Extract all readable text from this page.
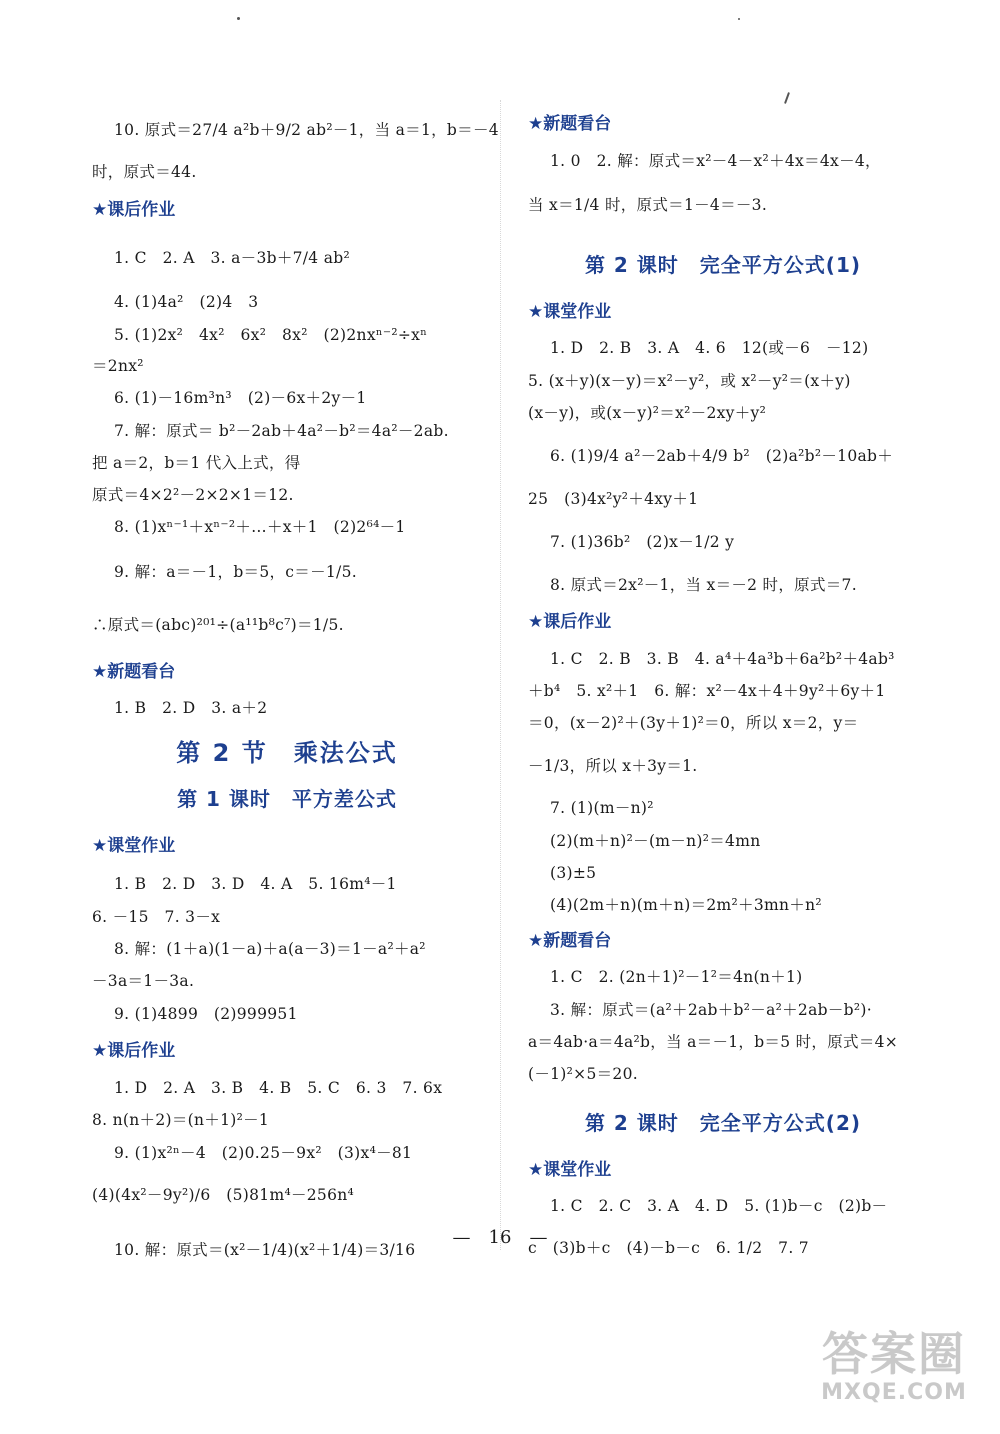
10. 原式＝27/4 a²b＋9/2 ab²－1，当 a＝1，b＝－4
时，原式＝44.
★课后作业
1. C　2. A　3. a－3b＋7/4 ab²
4. (1)4a²　(2)4　3
5. (1)2x²　4x²　6x²　8x²　(2)2nxⁿ⁻²÷xⁿ
＝2nx²
6. (1)－16m³n³　(2)－6x＋2y－1
7. 解：原式＝ b²－2ab＋4a²－b²＝4a²－2ab.
把 a＝2，b＝1 代入上式，得
原式＝4×2²－2×2×1＝12.
8. (1)xⁿ⁻¹＋xⁿ⁻²＋…＋x＋1　(2)2⁶⁴－1
9. 解：a＝－1，b＝5，c＝－1/5.
∴原式＝(abc)²⁰¹÷(a¹¹b⁸c⁷)＝1/5.
★新题看台
1. B　2. D　3. a＋2
第 2 节　乘法公式
第 1 课时　平方差公式
★课堂作业
1. B　2. D　3. D　4. A　5. 16m⁴－1
6. －15　7. 3－x
8. 解：(1＋a)(1－a)＋a(a－3)＝1－a²＋a²
－3a＝1－3a.
9. (1)4899　(2)999951
★课后作业
1. D　2. A　3. B　4. B　5. C　6. 3　7. 6x
8. n(n＋2)＝(n＋1)²－1
9. (1)x²ⁿ－4　(2)0.25－9x²　(3)x⁴－81
(4)(4x²－9y²)/6　(5)81m⁴－256n⁴
10. 解：原式＝(x²－1/4)(x²＋1/4)＝3/16
★新题看台
1. 0　2. 解：原式＝x²－4－x²＋4x＝4x－4，
当 x＝1/4 时，原式＝1－4＝－3.
第 2 课时　完全平方公式(1)
★课堂作业
1. D　2. B　3. A　4. 6　12(或－6　－12)
5. (x＋y)(x－y)＝x²－y²，或 x²－y²＝(x＋y)
(x－y)，或(x－y)²＝x²－2xy＋y²
6. (1)9/4 a²－2ab＋4/9 b²　(2)a²b²－10ab＋
25　(3)4x²y²＋4xy＋1
7. (1)36b²　(2)x－1/2 y
8. 原式＝2x²－1，当 x＝－2 时，原式＝7.
★课后作业
1. C　2. B　3. B　4. a⁴＋4a³b＋6a²b²＋4ab³
＋b⁴　5. x²＋1　6. 解：x²－4x＋4＋9y²＋6y＋1
＝0，(x－2)²＋(3y＋1)²＝0，所以 x＝2，y＝
－1/3，所以 x＋3y＝1.
7. (1)(m－n)²
(2)(m＋n)²－(m－n)²＝4mn
(3)±5
(4)(2m＋n)(m＋n)＝2m²＋3mn＋n²
★新题看台
1. C　2. (2n＋1)²－1²＝4n(n＋1)
3. 解：原式＝(a²＋2ab＋b²－a²＋2ab－b²)·
a＝4ab·a＝4a²b，当 a＝－1，b＝5 时，原式＝4×
(－1)²×5＝20.
第 2 课时　完全平方公式(2)
★课堂作业
1. C　2. C　3. A　4. D　5. (1)b－c　(2)b－
c　(3)b＋c　(4)－b－c　6. 1/2　7. 7
—　16　—
答案圈
MXQE.COM
